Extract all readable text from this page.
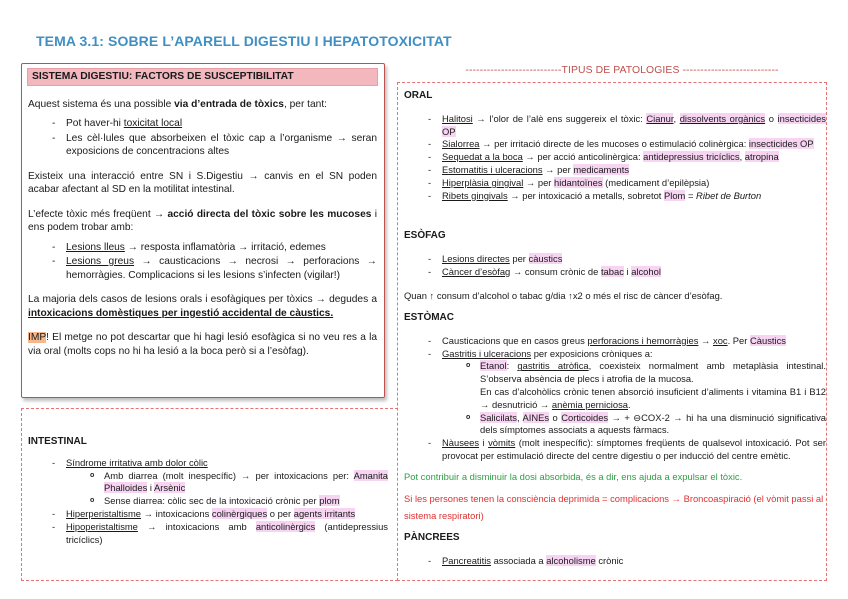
TEMA 3.1: SOBRE L’APARELL DIGESTIU I HEPATOTOXICITAT
SISTEMA DIGESTIU: FACTORS DE SUSCEPTIBILITAT

Aquest sistema és una possible via d’entrada de tòxics, per tant:

- Pot haver-hi toxicitat local
- Les cèl·lules que absorbeixen el tòxic cap a l’organisme → seran exposicions de concentracions altes

Existeix una interacció entre SN i S.Digestiu → canvis en el SN poden acabar afectant al SD en la motilitat intestinal.

L’efecte tòxic més freqüent → acció directa del tòxic sobre les mucoses i ens podem trobar amb:

- Lesions lleus → resposta inflamatòria → irritació, edemes
- Lesions greus → causticacions → necrosi → perforacions → hemorràgies. Complicacions si les lesions s’infecten (vigilar!)

La majoria dels casos de lesions orals i esofàgiques per tòxics → degudes a intoxicacions domèstiques per ingestió accidental de càustics.

IMP! El metge no pot descartar que hi hagi lesió esofàgica si no veu res a la via oral (molts cops no hi ha lesió a la boca però si a l’esòfag).

---------------------------TIPUS DE PATOLOGIES ---------------------------
ORAL
- Halitosi → l’olor de l’alè ens suggereix el tòxic: Cianur, dissolvents orgànics o insecticides OP
- Sialorrea → per irritació directe de les mucoses o estimulació colinèrgica: insecticides OP
- Sequedat a la boca → per acció anticolinèrgica: antidepressius tricíclics, atropina
- Estomatitis i ulceracions → per medicaments
- Hiperplàsia gingival → per hidantoïnes (medicament d’epilèpsia)
- Ribets gingivals → per intoxicació a metalls, sobretot Plom = Ribet de Burton
ESÒFAG
- Lesions directes per càustics
- Càncer d’esòfag → consum crònic de tabac i alcohol

Quan ↑ consum d’alcohol o tabac g/dia ↑x2 o més el risc de càncer d’esòfag.

ESTÒMAC
- Causticacions que en casos greus perforacions i hemorràgies → xoc. Per Càustics
- Gastritis i ulceracions per exposicions cròniques a:
o Etanol: gastritis atròfica, coexisteix normalment amb metaplàsia intestinal. S’observa absència de plecs i atrofia de la mucosa.
En cas d’alcohòlics crònic tenen absorció insuficient d’aliments i vitamina B1 i B12 → desnutrició → anèmia perniciosa.
o Salicilats, AINEs o Corticoides → + ⊖COX-2 → hi ha una disminució significativa dels símptomes associats a aquests fàrmacs.
- Nàusees i vòmits (molt inespecífic): símptomes freqüents de qualsevol intoxicació. Pot ser provocat per estimulació directe del centre digestiu o per inducció del centre emètic.

Pot contribuir a disminuir la dosi absorbida, és a dir, ens ajuda a expulsar el tòxic.

Si les persones tenen la consciència deprimida = complicacions → Broncoaspiració (el vòmit passi al sistema respiratori)

PÀNCREES
- Pancreatitis associada a alcoholisme crònic
INTESTINAL
- Síndrome irritativa amb dolor còlic
o Amb diarrea (molt inespecífic) → per intoxicacions per: Amanita Phalloides i Arsènic
o Sense diarrea: còlic sec de la intoxicació crònic per plom
- Hiperperistaltisme → intoxicacions colinèrgiques o per agents irritants
- Hipoperistaltisme → intoxicacions amb anticolinèrgics (antidepressius tricíclics)
